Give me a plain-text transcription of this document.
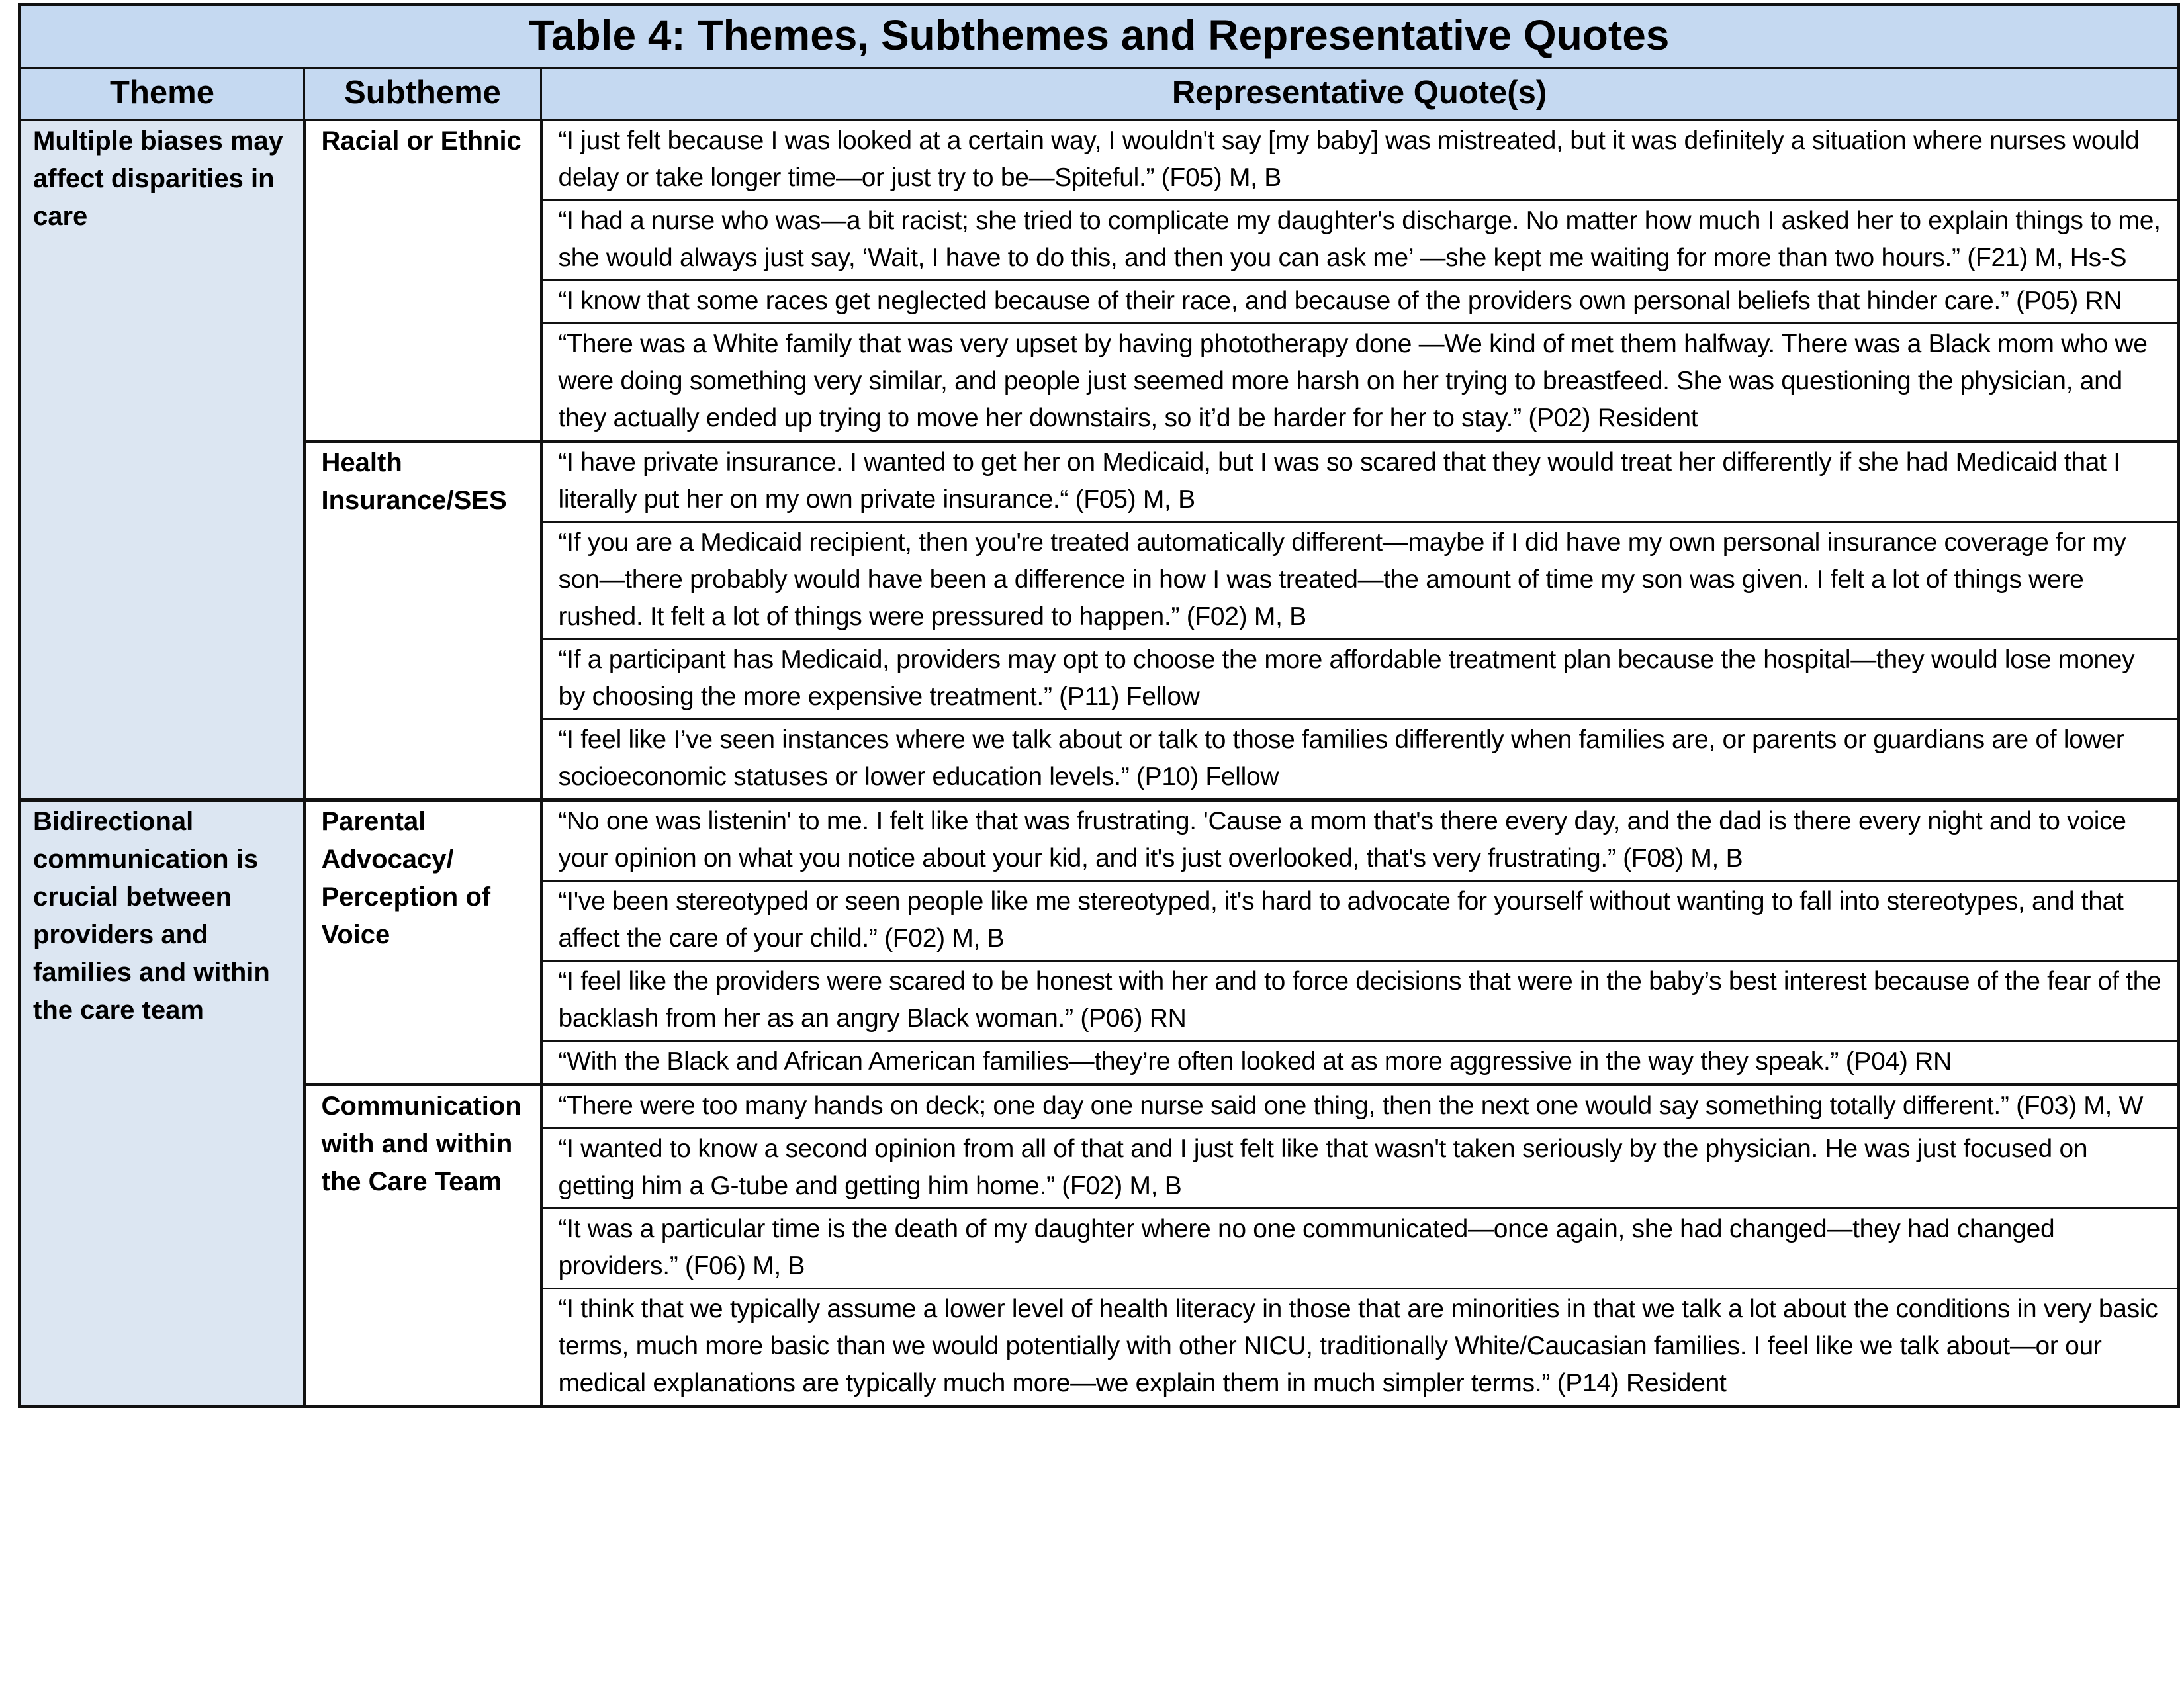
Table 4: Themes, Subthemes and Representative Quotes		
Theme	Subtheme	Representative Quote(s)
Multiple biases may affect disparities in care	Racial or Ethnic	“I just felt because I was looked at a certain way, I wouldn't say [my baby] was mistreated, but it was definitely a situation where nurses would delay or take longer time—or just try to be—Spiteful.” (F05) M, B
		“I had a nurse who was—a bit racist; she tried to complicate my daughter's discharge. No matter how much I asked her to explain things to me, she would always just say, ‘Wait, I have to do this, and then you can ask me’ —she kept me waiting for more than two hours.” (F21) M, Hs-S
		“I know that some races get neglected because of their race, and because of the providers own personal beliefs that hinder care.” (P05) RN
		“There was a White family that was very upset by having phototherapy done —We kind of met them halfway. There was a Black mom who we were doing something very similar, and people just seemed more harsh on her trying to breastfeed. She was questioning the physician, and they actually ended up trying to move her downstairs, so it’d be harder for her to stay.” (P02) Resident
	Health Insurance/SES	“I have private insurance. I wanted to get her on Medicaid, but I was so scared that they would treat her differently if she had Medicaid that I literally put her on my own private insurance.“ (F05) M, B
		“If you are a Medicaid recipient, then you're treated automatically different—maybe if I did have my own personal insurance coverage for my son—there probably would have been a difference in how I was treated—the amount of time my son was given. I felt a lot of things were rushed. It felt a lot of things were pressured to happen.” (F02) M, B
		“If a participant has Medicaid, providers may opt to choose the more affordable treatment plan because the hospital—they would lose money by choosing the more expensive treatment.” (P11) Fellow
		“I feel like I’ve seen instances where we talk about or talk to those families differently when families are, or parents or guardians are of lower socioeconomic statuses or lower education levels.” (P10) Fellow
Bidirectional communication is crucial between providers and families and within the care team	Parental Advocacy/ Perception of Voice	“No one was listenin' to me. I felt like that was frustrating. 'Cause a mom that's there every day, and the dad is there every night and to voice your opinion on what you notice about your kid, and it's just overlooked, that's very frustrating.” (F08) M, B
		“I've been stereotyped or seen people like me stereotyped, it's hard to advocate for yourself without wanting to fall into stereotypes, and that affect the care of your child.” (F02) M, B
		“I feel like the providers were scared to be honest with her and to force decisions that were in the baby’s best interest because of the fear of the backlash from her as an angry Black woman.” (P06) RN
		“With the Black and African American families—they’re often looked at as more aggressive in the way they speak.” (P04) RN
	Communication with and within the Care Team	“There were too many hands on deck; one day one nurse said one thing, then the next one would say something totally different.” (F03) M, W
		“I wanted to know a second opinion from all of that and I just felt like that wasn't taken seriously by the physician. He was just focused on getting him a G-tube and getting him home.” (F02) M, B
		“It was a particular time is the death of my daughter where no one communicated—once again, she had changed—they had changed providers.” (F06) M, B
		“I think that we typically assume a lower level of health literacy in those that are minorities in that we talk a lot about the conditions in very basic terms, much more basic than we would potentially with other NICU, traditionally White/Caucasian families. I feel like we talk about—or our medical explanations are typically much more—we explain them in much simpler terms.” (P14) Resident
